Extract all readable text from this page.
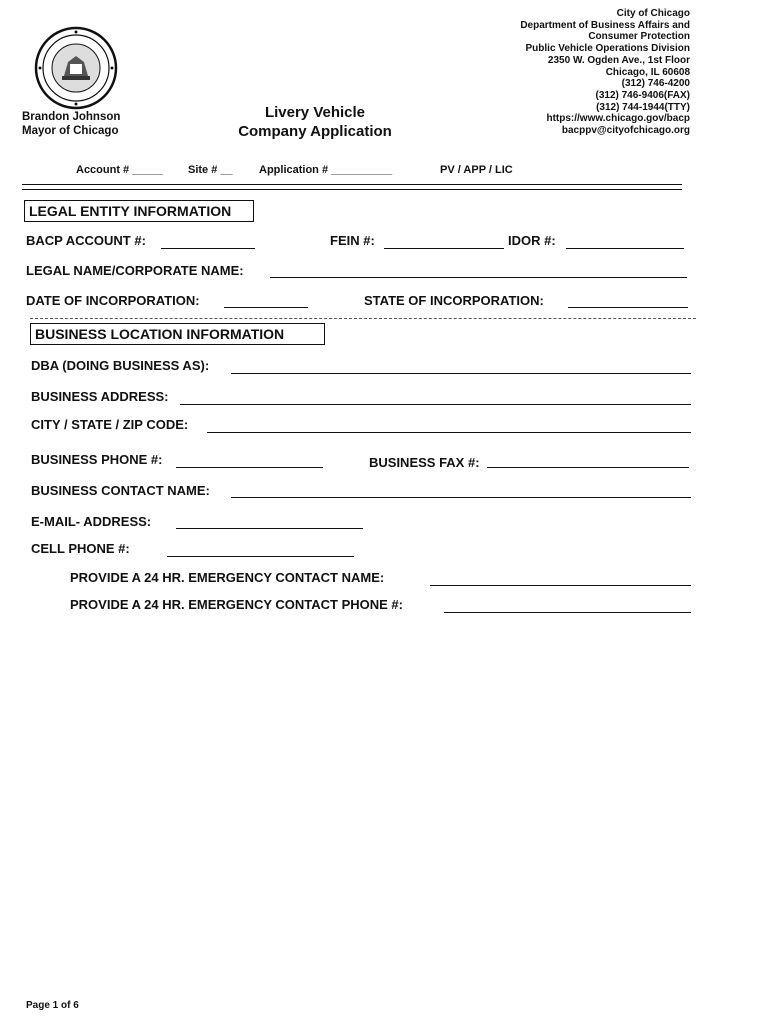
Brandon Johnson
Mayor of Chicago
Livery Vehicle
Company Application
City of Chicago
Department of Business Affairs and
Consumer Protection
Public Vehicle Operations Division
2350 W. Ogden Ave., 1st Floor
Chicago, IL 60608
(312) 746-4200
(312) 746-9406(FAX)
(312) 744-1944(TTY)
https://www.chicago.gov/bacp
bacppv@cityofchicago.org
Account # _____ Site # __ Application # __________	PV / APP / LIC
LEGAL ENTITY INFORMATION
BACP ACCOUNT #:	FEIN #:	IDOR #:
LEGAL NAME/CORPORATE NAME:
DATE OF INCORPORATION:	STATE OF INCORPORATION:
BUSINESS LOCATION INFORMATION
DBA (DOING BUSINESS AS):
BUSINESS ADDRESS:
CITY / STATE / ZIP CODE:
BUSINESS PHONE #:	BUSINESS FAX #:
BUSINESS CONTACT NAME:
E-MAIL- ADDRESS:
CELL PHONE #:
PROVIDE A 24 HR. EMERGENCY CONTACT NAME:
PROVIDE A 24 HR. EMERGENCY CONTACT PHONE #:
Page 1 of 6
